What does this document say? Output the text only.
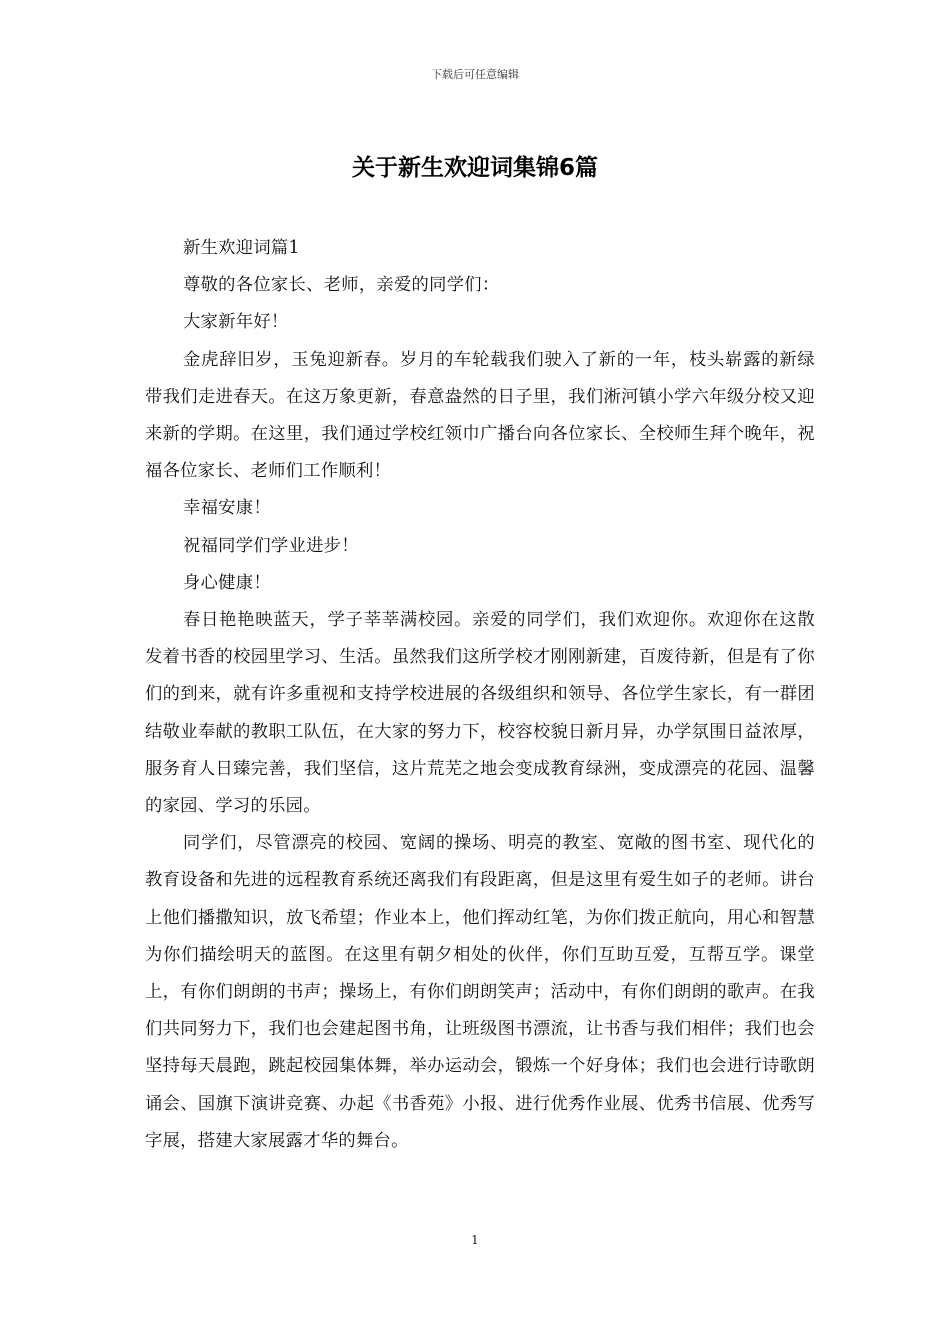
下载后可任意编辑
关于新生欢迎词集锦6篇

新生欢迎词篇1

尊敬的各位家长、老师，亲爱的同学们：

大家新年好！

金虎辞旧岁，玉兔迎新春。岁月的车轮载我们驶入了新的一年，枝头崭露的新绿带我们走进春天。在这万象更新，春意盎然的日子里，我们淅河镇小学六年级分校又迎来新的学期。在这里，我们通过学校红领巾广播台向各位家长、全校师生拜个晚年，祝福各位家长、老师们工作顺利！

幸福安康！

祝福同学们学业进步！

身心健康！

春日艳艳映蓝天，学子莘莘满校园。亲爱的同学们，我们欢迎你。欢迎你在这散发着书香的校园里学习、生活。虽然我们这所学校才刚刚新建，百废待新，但是有了你们的到来，就有许多重视和支持学校进展的各级组织和领导、各位学生家长，有一群团结敬业奉献的教职工队伍，在大家的努力下，校容校貌日新月异，办学氛围日益浓厚，服务育人日臻完善，我们坚信，这片荒芜之地会变成教育绿洲，变成漂亮的花园、温馨的家园、学习的乐园。

同学们，尽管漂亮的校园、宽阔的操场、明亮的教室、宽敞的图书室、现代化的教育设备和先进的远程教育系统还离我们有段距离，但是这里有爱生如子的老师。讲台上他们播撒知识，放飞希望；作业本上，他们挥动红笔，为你们拨正航向，用心和智慧为你们描绘明天的蓝图。在这里有朝夕相处的伙伴，你们互助互爱，互帮互学。课堂上，有你们朗朗的书声；操场上，有你们朗朗笑声；活动中，有你们朗朗的歌声。在我们共同努力下，我们也会建起图书角，让班级图书漂流，让书香与我们相伴；我们也会坚持每天晨跑，跳起校园集体舞，举办运动会，锻炼一个好身体；我们也会进行诗歌朗诵会、国旗下演讲竞赛、办起《书香苑》小报、进行优秀作业展、优秀书信展、优秀写字展，搭建大家展露才华的舞台。

1
